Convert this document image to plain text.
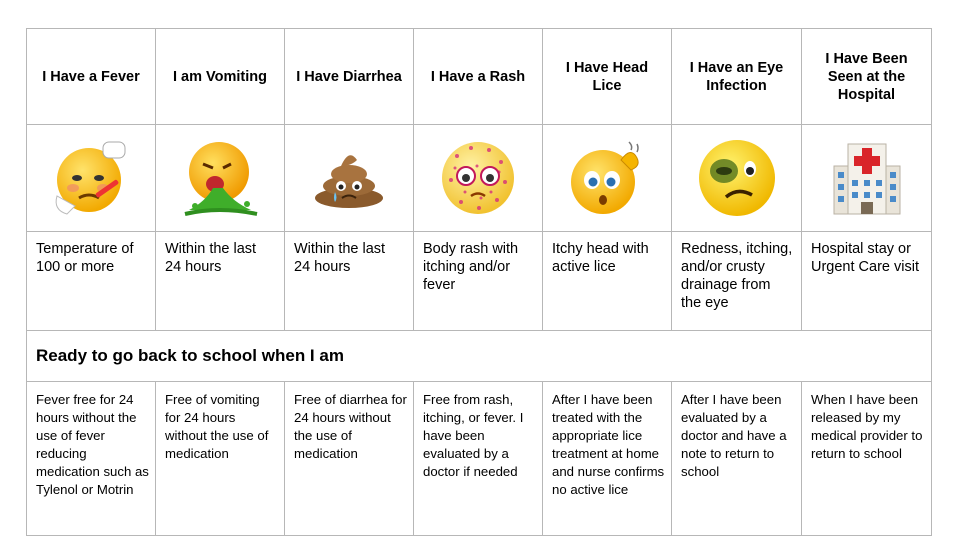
I Have a Fever	I am Vomiting	I Have Diarrhea	I Have a Rash	I Have Head Lice	I Have an Eye Infection	I Have Been Seen at the Hospital

Temperature of 100 or more	Within the last 24 hours	Within the last 24 hours	Body rash with itching and/or fever	Itchy head with active lice	Redness, itching, and/or crusty drainage from the eye	Hospital stay or Urgent Care visit
Ready to go back to school when I am						
Fever free for 24 hours without the use of fever reducing medication such as Tylenol or Motrin	Free of vomiting for 24 hours without the use of medication	Free of diarrhea for 24 hours without the use of medication	Free from rash, itching, or fever. I have been evaluated by a doctor if needed	After I have been treated with the appropriate lice treatment at home and nurse confirms no active lice	After I have been evaluated by a doctor and have a note to return to school	When I have been released by my medical provider to return to school
